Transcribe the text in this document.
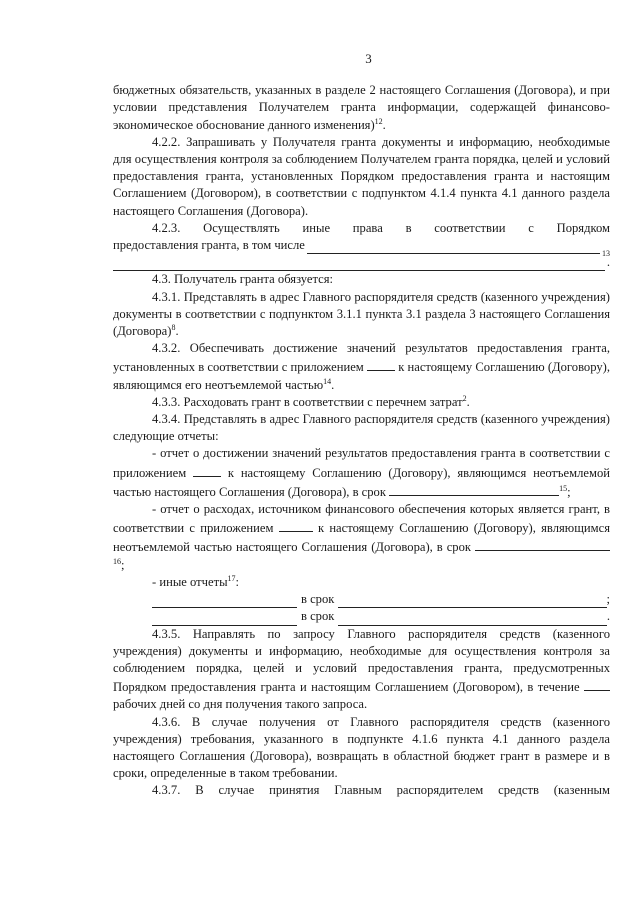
3

бюджетных обязательств, указанных в разделе 2 настоящего Соглашения (Договора), и при условии представления Получателем гранта информации, содержащей финансово-экономическое обоснование данного изменения)$^{12}$.

4.2.2. Запрашивать у Получателя гранта документы и информацию, необходимые для осуществления контроля за соблюдением Получателем гранта порядка, целей и условий предоставления гранта, установленных Порядком предоставления гранта и настоящим Соглашением (Договором), в соответствии с подпунктом 4.1.4 пункта 4.1 данного раздела настоящего Соглашения (Договора).

4.2.3. Осуществлять иные права в соответствии с Порядком

предоставления гранта, в том числе
13
.

4.3. Получатель гранта обязуется:

4.3.1. Представлять в адрес Главного распорядителя средств (казенного учреждения) документы в соответствии с подпунктом 3.1.1 пункта 3.1 раздела 3 настоящего Соглашения (Договора)$^8$.

4.3.2. Обеспечивать достижение значений результатов предоставления гранта, установленных в соответствии с приложением	к настоящему Соглашению (Договору), являющимся его неотъемлемой частью$^{14}$.

4.3.3. Расходовать грант в соответствии с перечнем затрат$^2$.

4.3.4. Представлять в адрес Главного распорядителя средств (казенного учреждения) следующие отчеты:

- отчет о достижении значений результатов предоставления гранта в соответствии с приложением	к настоящему Соглашению (Договору), являющимся неотъемлемой частью настоящего Соглашения (Договора), в срок	$^{15}$;

- отчет о расходах, источником финансового обеспечения которых является грант, в соответствии с приложением	к настоящему Соглашению (Договору), являющимся неотъемлемой частью настоящего Соглашения (Договора), в срок $^{16}$;

- иные отчеты$^{17}$:

в срок	;
в срок	.

4.3.5. Направлять по запросу Главного распорядителя средств (казенного учреждения) документы и информацию, необходимые для осуществления контроля за соблюдением порядка, целей и условий предоставления гранта, предусмотренных Порядком предоставления гранта и настоящим Соглашением (Договором), в течение  рабочих дней со дня получения такого запроса.

4.3.6. В случае получения от Главного распорядителя средств (казенного учреждения) требования, указанного в подпункте 4.1.6 пункта 4.1 данного раздела настоящего Соглашения (Договора), возвращать в областной бюджет грант в размере и в сроки, определенные в таком требовании.

4.3.7. В случае принятия Главным распорядителем средств (казенным
